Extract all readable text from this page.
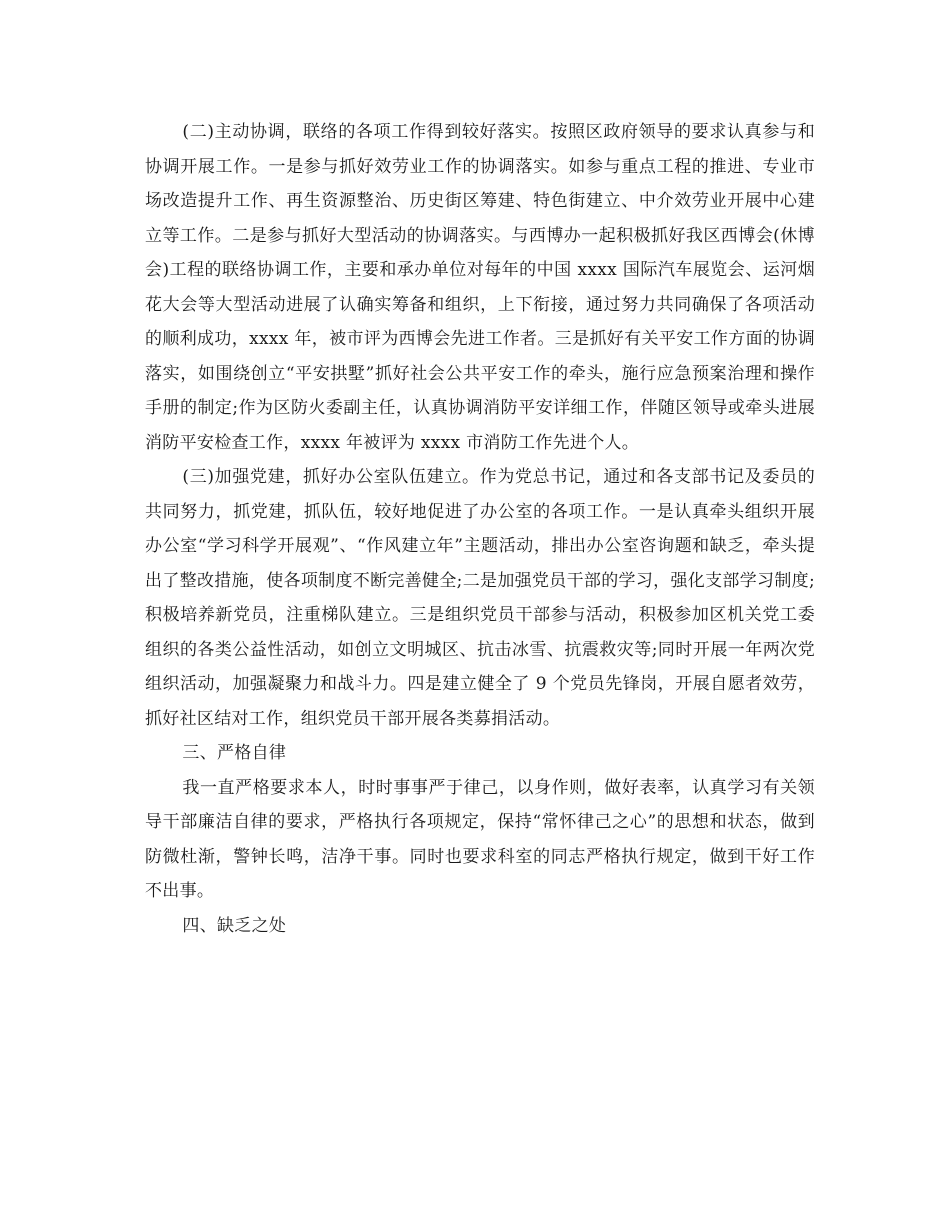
(二)主动协调，联络的各项工作得到较好落实。按照区政府领导的要求认真参与和协调开展工作。一是参与抓好效劳业工作的协调落实。如参与重点工程的推进、专业市场改造提升工作、再生资源整治、历史街区筹建、特色街建立、中介效劳业开展中心建立等工作。二是参与抓好大型活动的协调落实。与西博办一起积极抓好我区西博会(休博会)工程的联络协调工作，主要和承办单位对每年的中国 xxxx 国际汽车展览会、运河烟花大会等大型活动进展了认确实筹备和组织，上下衔接，通过努力共同确保了各项活动的顺利成功，xxxx 年，被市评为西博会先进工作者。三是抓好有关平安工作方面的协调落实，如围绕创立“平安拱墅”抓好社会公共平安工作的牵头，施行应急预案治理和操作手册的制定;作为区防火委副主任，认真协调消防平安详细工作，伴随区领导或牵头进展消防平安检查工作，xxxx 年被评为 xxxx 市消防工作先进个人。

(三)加强党建，抓好办公室队伍建立。作为党总书记，通过和各支部书记及委员的共同努力，抓党建，抓队伍，较好地促进了办公室的各项工作。一是认真牵头组织开展办公室“学习科学开展观”、“作风建立年”主题活动，排出办公室咨询题和缺乏，牵头提出了整改措施，使各项制度不断完善健全;二是加强党员干部的学习，强化支部学习制度;积极培养新党员，注重梯队建立。三是组织党员干部参与活动，积极参加区机关党工委组织的各类公益性活动，如创立文明城区、抗击冰雪、抗震救灾等;同时开展一年两次党组织活动，加强凝聚力和战斗力。四是建立健全了 9 个党员先锋岗，开展自愿者效劳，抓好社区结对工作，组织党员干部开展各类募捐活动。

三、严格自律

我一直严格要求本人，时时事事严于律己，以身作则，做好表率，认真学习有关领导干部廉洁自律的要求，严格执行各项规定，保持“常怀律己之心”的思想和状态，做到防微杜渐，警钟长鸣，洁净干事。同时也要求科室的同志严格执行规定，做到干好工作不出事。

四、缺乏之处
